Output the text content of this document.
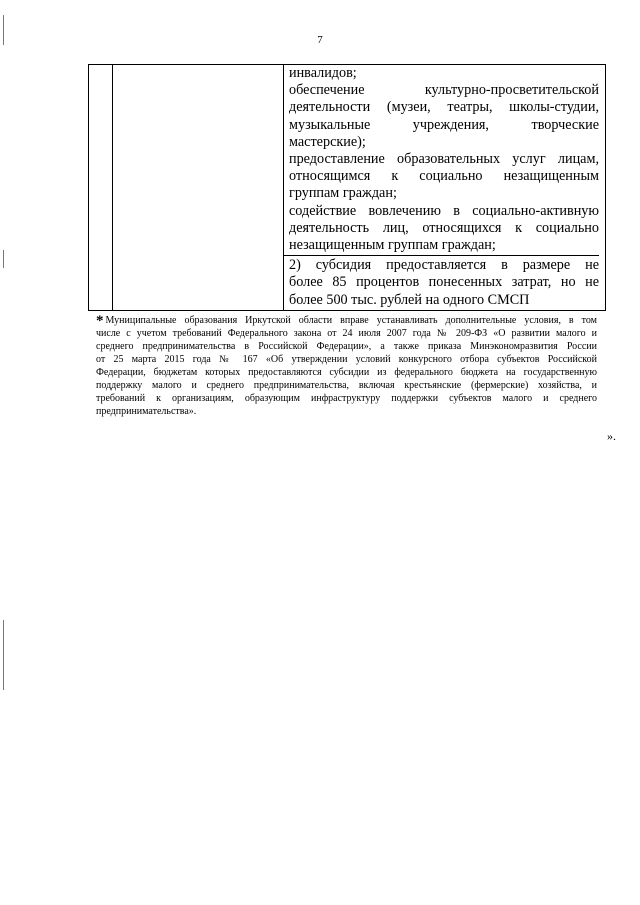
7
инвалидов;
обеспечение культурно-просветительской
деятельности (музеи, театры, школы-студии,
музыкальные учреждения, творческие
мастерские);
предоставление образовательных услуг лицам,
относящимся к социально незащищенным
группам граждан;
содействие вовлечению в социально-активную
деятельность лиц, относящихся к социально
незащищенным группам граждан;
2) субсидия предоставляется в размере не
более 85 процентов понесенных затрат, но не
более 500 тыс. рублей на одного СМСП
* Муниципальные образования Иркутской области вправе устанавливать дополнительные условия, в том
числе с учетом требований Федерального закона от 24 июля 2007 года № 209-ФЗ «О развитии малого и
среднего предпринимательства в Российской Федерации», а также приказа Минэкономразвития России
от 25 марта 2015 года № 167 «Об утверждении условий конкурсного отбора субъектов Российской
Федерации, бюджетам которых предоставляются субсидии из федерального бюджета на государственную
поддержку малого и среднего предпринимательства, включая крестьянские (фермерские) хозяйства, и
требований к организациям, образующим инфраструктуру поддержки субъектов малого и среднего
предпринимательства».
».
